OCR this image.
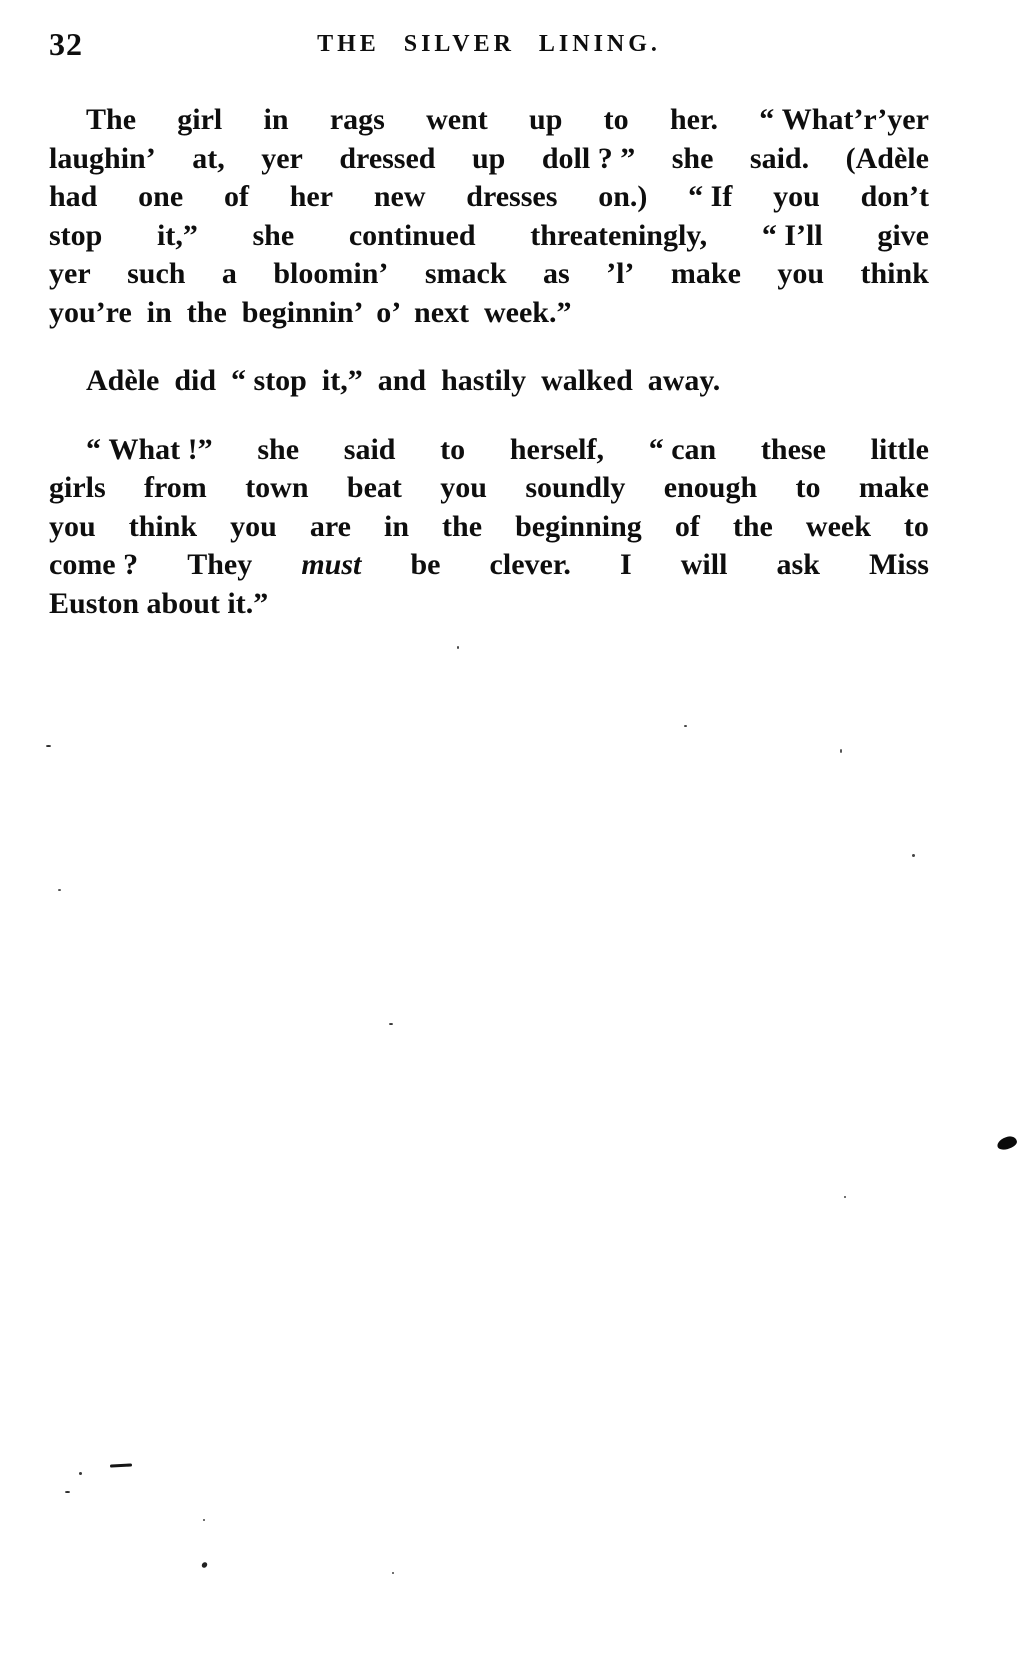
32	THE SILVER LINING.

The girl in rags went up to her. “ What’r’yer
laughin’ at, yer dressed up doll ? ” she said. (Adèle
had one of her new dresses on.) “ If you don’t
stop it,” she continued threateningly, “ I’ll give
yer such a bloomin’ smack as ’l’ make you think
you’re  in  the  beginnin’  o’  next  week.”

Adèle  did  “ stop  it,”  and  hastily  walked  away.

“ What !” she said to herself, “ can these little
girls from town beat you soundly enough to make
you think you are in the beginning of the week to
come ? They must be clever. I will ask Miss
Euston about it.”
